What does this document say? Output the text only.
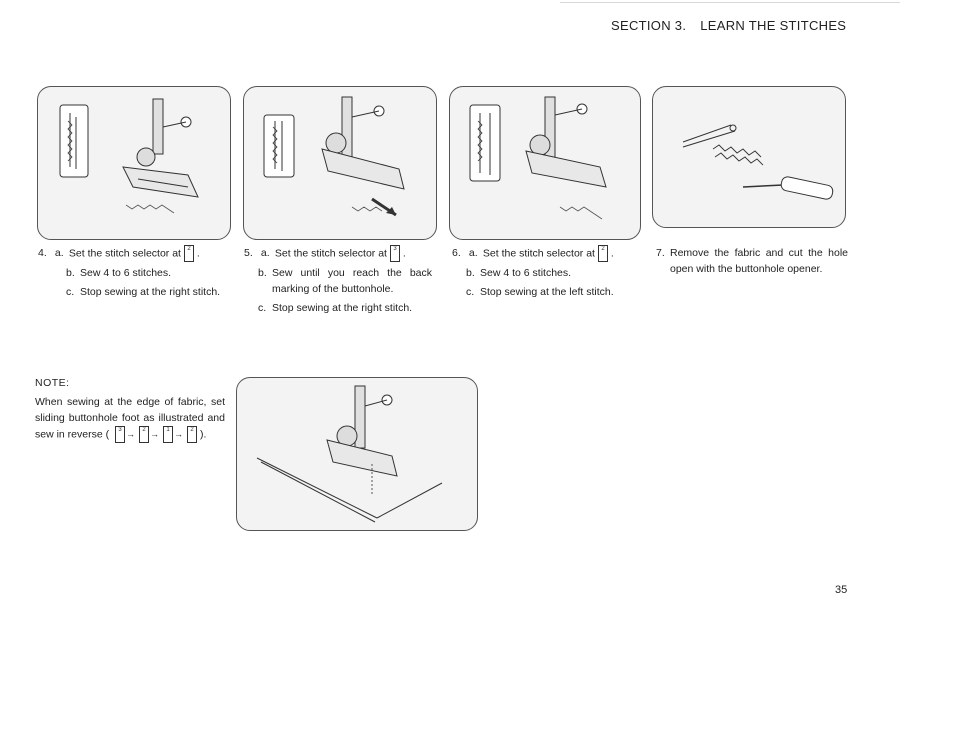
SECTION 3. LEARN THE STITCHES
4. a. Set the stitch selector at 2 .
b. Sew 4 to 6 stitches.
c. Stop sewing at the right stitch.
5. a. Set the stitch selector at 3 .
b. Sew until you reach the back marking of the buttonhole.
c. Stop sewing at the right stitch.
6. a. Set the stitch selector at 2 .
b. Sew 4 to 6 stitches.
c. Stop sewing at the left stitch.
7. Remove the fabric and cut the hole open with the buttonhole opener.
NOTE:
When sewing at the edge of fabric, set sliding buttonhole foot as illustrated and sew in reverse ( 3 → 2 → 1 → 2 ).
35
